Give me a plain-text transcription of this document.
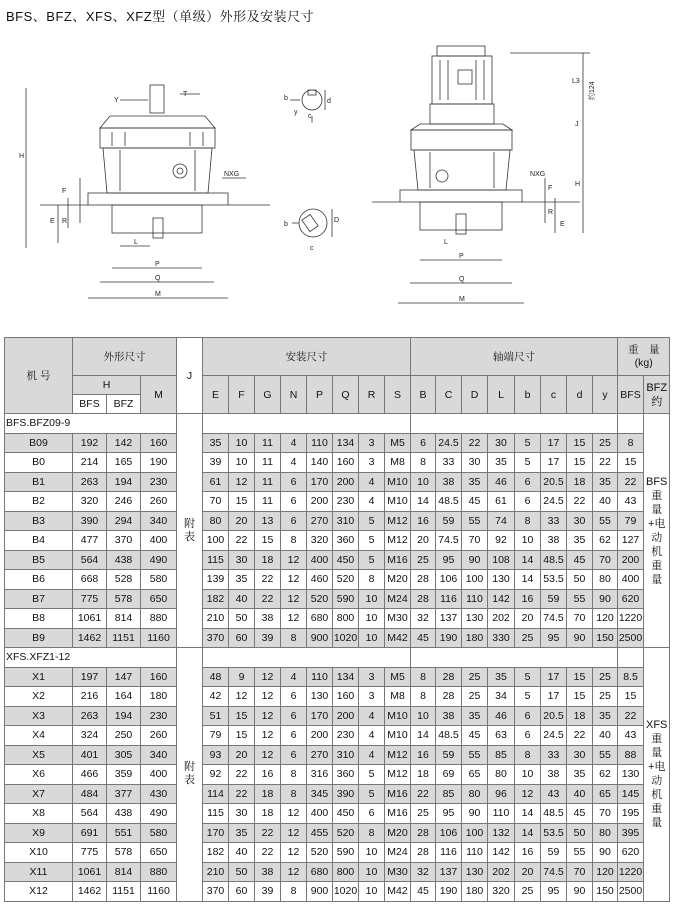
BFS、BFZ、XFS、XFZ型（单级）外形及安装尺寸
Y
T
F
E R
L
P
Q
M
NXG
H
b
c
y
d
b
D
c
L3 约124
J
H
F
E
R
L
P
Q
M
NXG
机 号	外形尺寸			J	安装尺寸								轴端尺寸								重　量
(kg)	
	H		M		E	F	G	N	P	Q	R	S	B	C	D	L	b	c	d	y	BFS	BFZ约
	BFS	BFZ																				
BFS.BFZ09-9				附 表																		BFS重量+电动机重量
B09	192	142	160		35	10	11	4	110	134	3	M5	6	24.5	22	30	5	17	15	25	8	
B0	214	165	190		39	10	11	4	140	160	3	M8	8	33	30	35	5	17	15	22	15	
B1	263	194	230		61	12	11	6	170	200	4	M10	10	38	35	46	6	20.5	18	35	22	
B2	320	246	260		70	15	11	6	200	230	4	M10	14	48.5	45	61	6	24.5	22	40	43	
B3	390	294	340		80	20	13	6	270	310	5	M12	16	59	55	74	8	33	30	55	79	
B4	477	370	400		100	22	15	8	320	360	5	M12	20	74.5	70	92	10	38	35	62	127	
B5	564	438	490		115	30	18	12	400	450	5	M16	25	95	90	108	14	48.5	45	70	200	
B6	668	528	580		139	35	22	12	460	520	8	M20	28	106	100	130	14	53.5	50	80	400	
B7	775	578	650		182	40	22	12	520	590	10	M24	28	116	110	142	16	59	55	90	620	
B8	1061	814	880		210	50	38	12	680	800	10	M30	32	137	130	202	20	74.5	70	120	1220	
B9	1462	1151	1160		370	60	39	8	900	1020	10	M42	45	190	180	330	25	95	90	150	2500	
XFS.XFZ1-12				附 表																		XFS重量+电动机重量
X1	197	147	160		48	9	12	4	110	134	3	M5	8	28	25	35	5	17	15	25	8.5	
X2	216	164	180		42	12	12	6	130	160	3	M8	8	28	25	34	5	17	15	25	15	
X3	263	194	230		51	15	12	6	170	200	4	M10	10	38	35	46	6	20.5	18	35	22	
X4	324	250	260		79	15	12	6	200	230	4	M10	14	48.5	45	63	6	24.5	22	40	43	
X5	401	305	340		93	20	12	6	270	310	4	M12	16	59	55	85	8	33	30	55	88	
X6	466	359	400		92	22	16	8	316	360	5	M12	18	69	65	80	10	38	35	62	130	
X7	484	377	430		114	22	18	8	345	390	5	M16	22	85	80	96	12	43	40	65	145	
X8	564	438	490		115	30	18	12	400	450	6	M16	25	95	90	110	14	48.5	45	70	195	
X9	691	551	580		170	35	22	12	455	520	8	M20	28	106	100	132	14	53.5	50	80	395	
X10	775	578	650		182	40	22	12	520	590	10	M24	28	116	110	142	16	59	55	90	620	
X11	1061	814	880		210	50	38	12	680	800	10	M30	32	137	130	202	20	74.5	70	120	1220	
X12	1462	1151	1160		370	60	39	8	900	1020	10	M42	45	190	180	320	25	95	90	150	2500	
